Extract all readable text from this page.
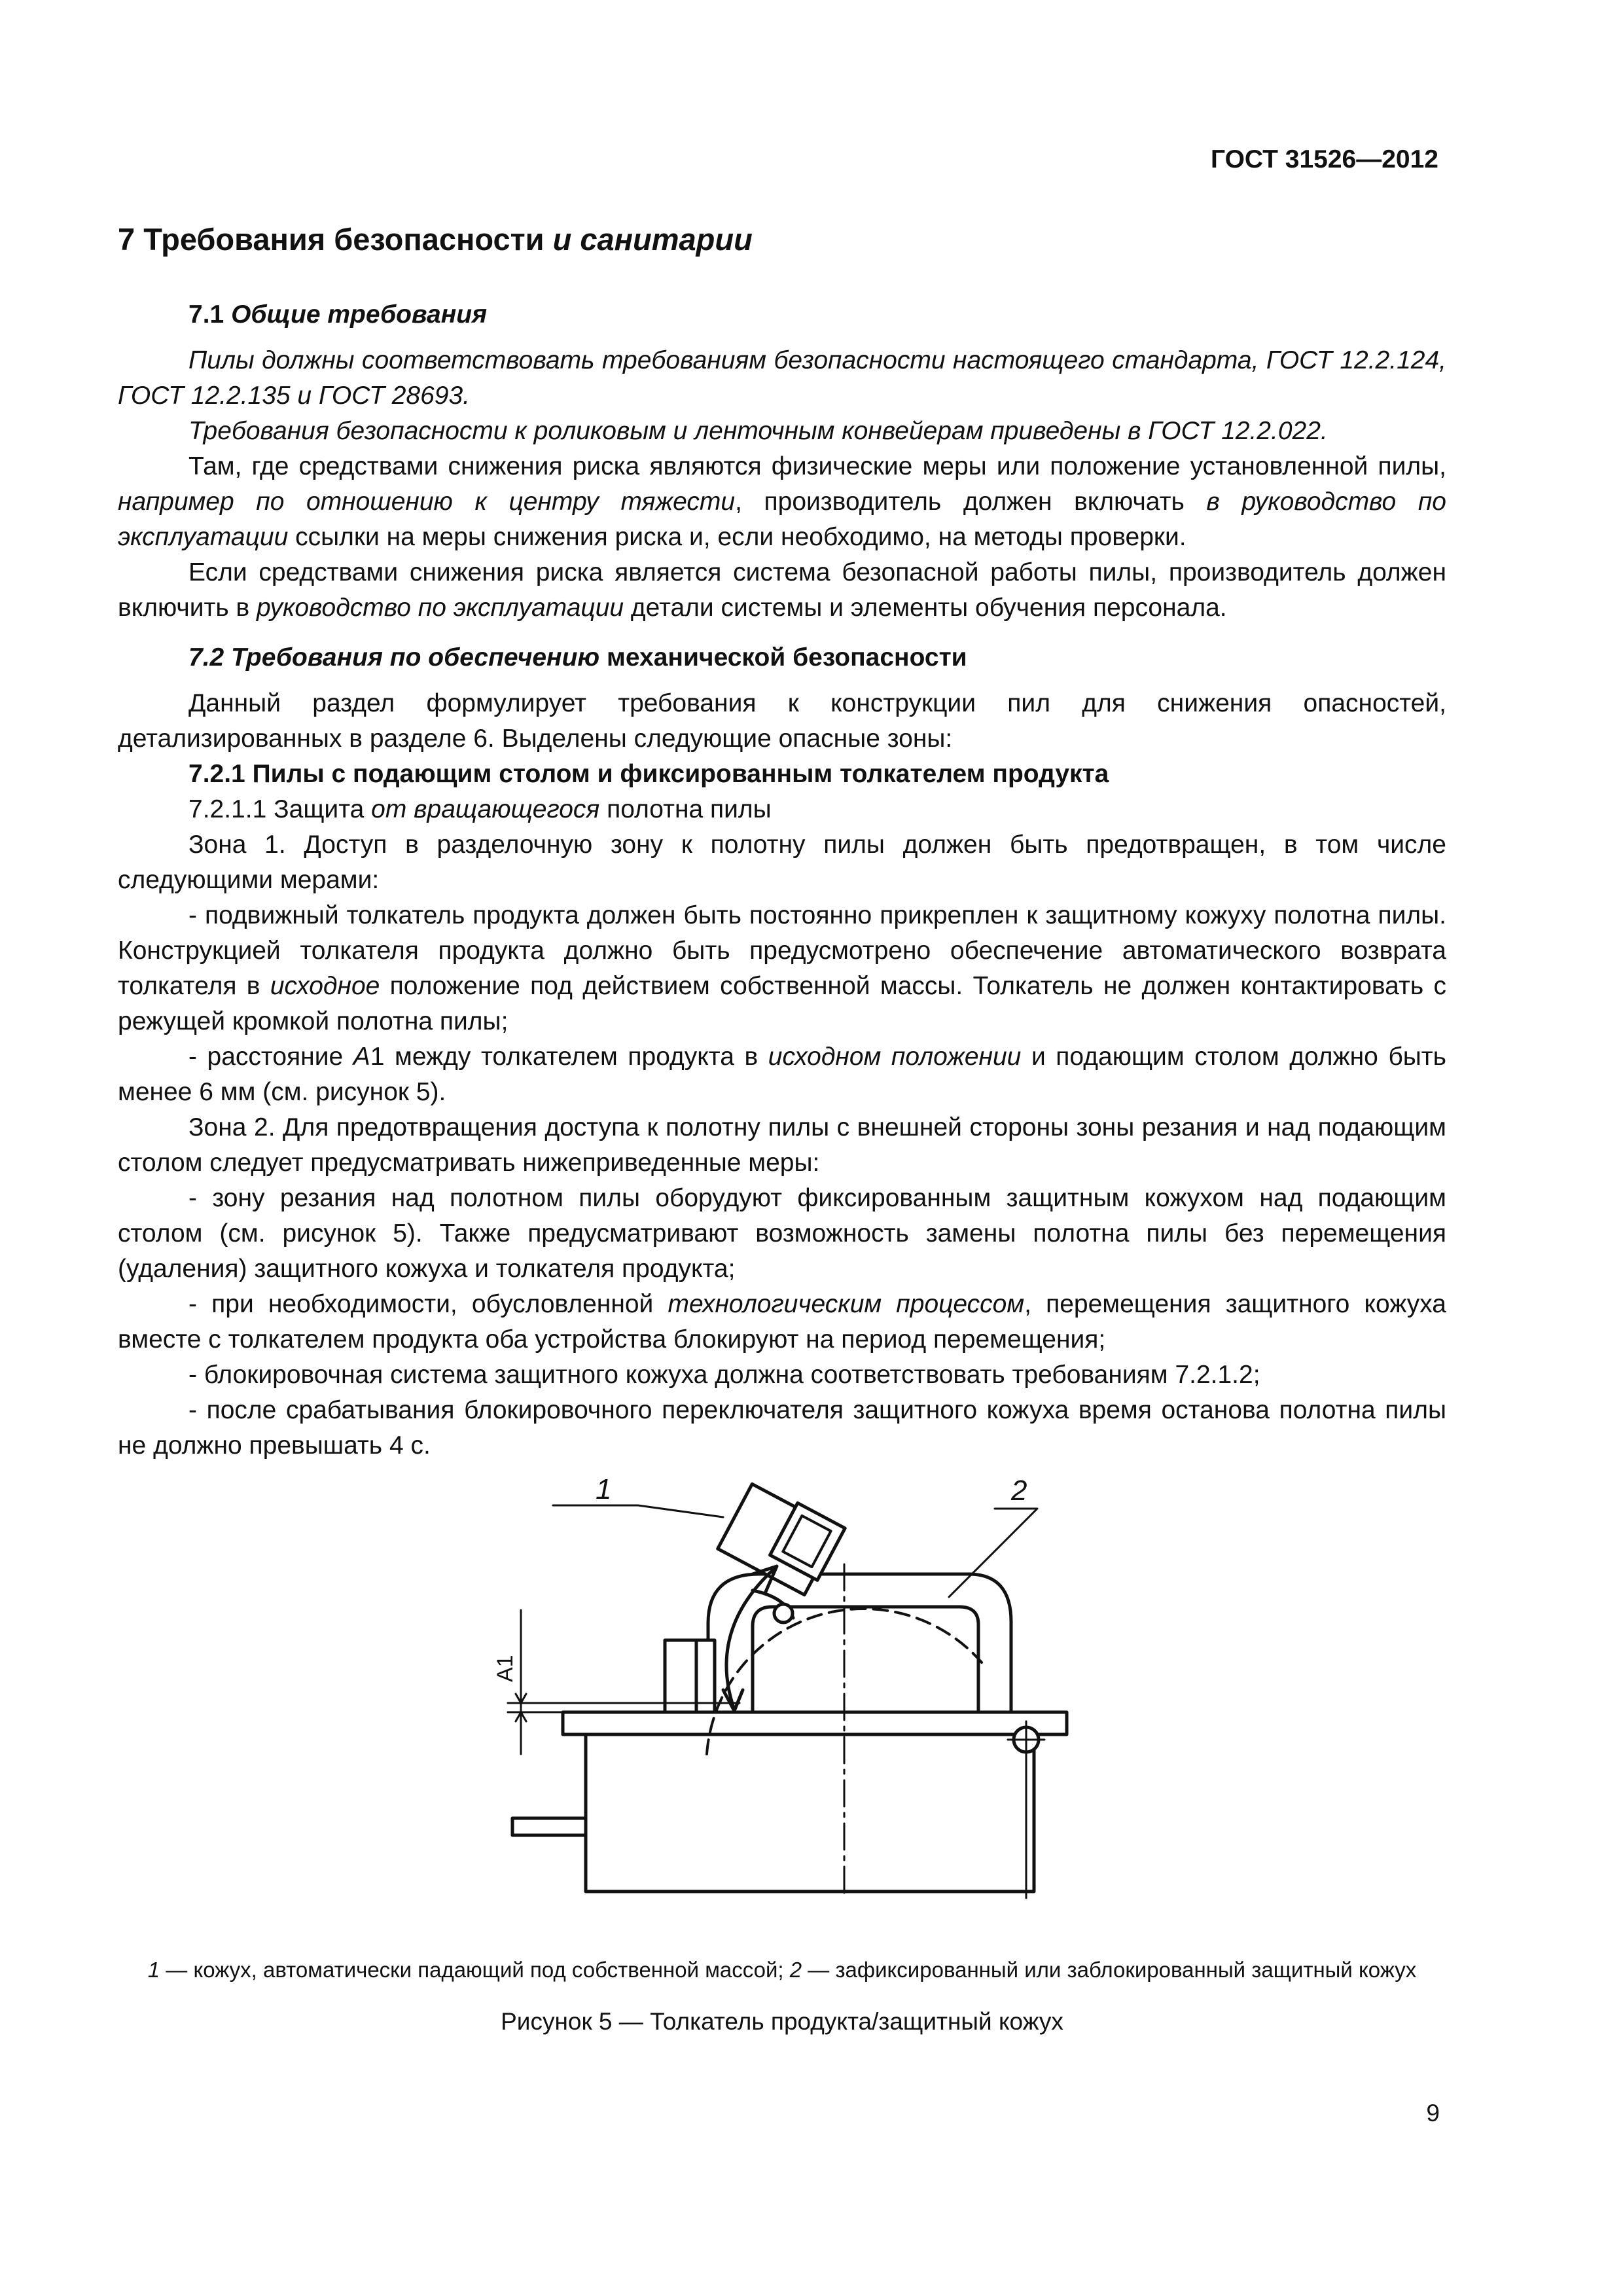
ГОСТ 31526—2012
7 Требования безопасности и санитарии
7.1 Общие требования

Пилы должны соответствовать требованиям безопасности настоящего стандарта, ГОСТ 12.2.124, ГОСТ 12.2.135 и ГОСТ 28693.

Требования безопасности к роликовым и ленточным конвейерам приведены в ГОСТ 12.2.022.

Там, где средствами снижения риска являются физические меры или положение установленной пилы, например по отношению к центру тяжести, производитель должен включать в руководство по эксплуатации ссылки на меры снижения риска и, если необходимо, на методы проверки.

Если средствами снижения риска является система безопасной работы пилы, производитель должен включить в руководство по эксплуатации детали системы и элементы обучения персонала.

7.2 Требования по обеспечению механической безопасности

Данный раздел формулирует требования к конструкции пил для снижения опасностей, детализированных в разделе 6. Выделены следующие опасные зоны:

7.2.1 Пилы с подающим столом и фиксированным толкателем продукта

7.2.1.1 Защита от вращающегося полотна пилы

Зона 1. Доступ в разделочную зону к полотну пилы должен быть предотвращен, в том числе следующими мерами:

- подвижный толкатель продукта должен быть постоянно прикреплен к защитному кожуху полотна пилы. Конструкцией толкателя продукта должно быть предусмотрено обеспечение автоматического возврата толкателя в исходное положение под действием собственной массы. Толкатель не должен контактировать с режущей кромкой полотна пилы;

- расстояние А1 между толкателем продукта в исходном положении и подающим столом должно быть менее 6 мм (см. рисунок 5).

Зона 2. Для предотвращения доступа к полотну пилы с внешней стороны зоны резания и над подающим столом следует предусматривать нижеприведенные меры:

- зону резания над полотном пилы оборудуют фиксированным защитным кожухом над подающим столом (см. рисунок 5). Также предусматривают возможность замены полотна пилы без перемещения (удаления) защитного кожуха и толкателя продукта;

- при необходимости, обусловленной технологическим процессом, перемещения защитного кожуха вместе с толкателем продукта оба устройства блокируют на период перемещения;

- блокировочная система защитного кожуха должна соответствовать требованиям 7.2.1.2;

- после срабатывания блокировочного переключателя защитного кожуха время останова полотна пилы не должно превышать 4 с.

1	2
А1
1 — кожух, автоматически падающий под собственной массой; 2 — зафиксированный или заблокированный защитный кожух
Рисунок 5 — Толкатель продукта/защитный кожух
9
